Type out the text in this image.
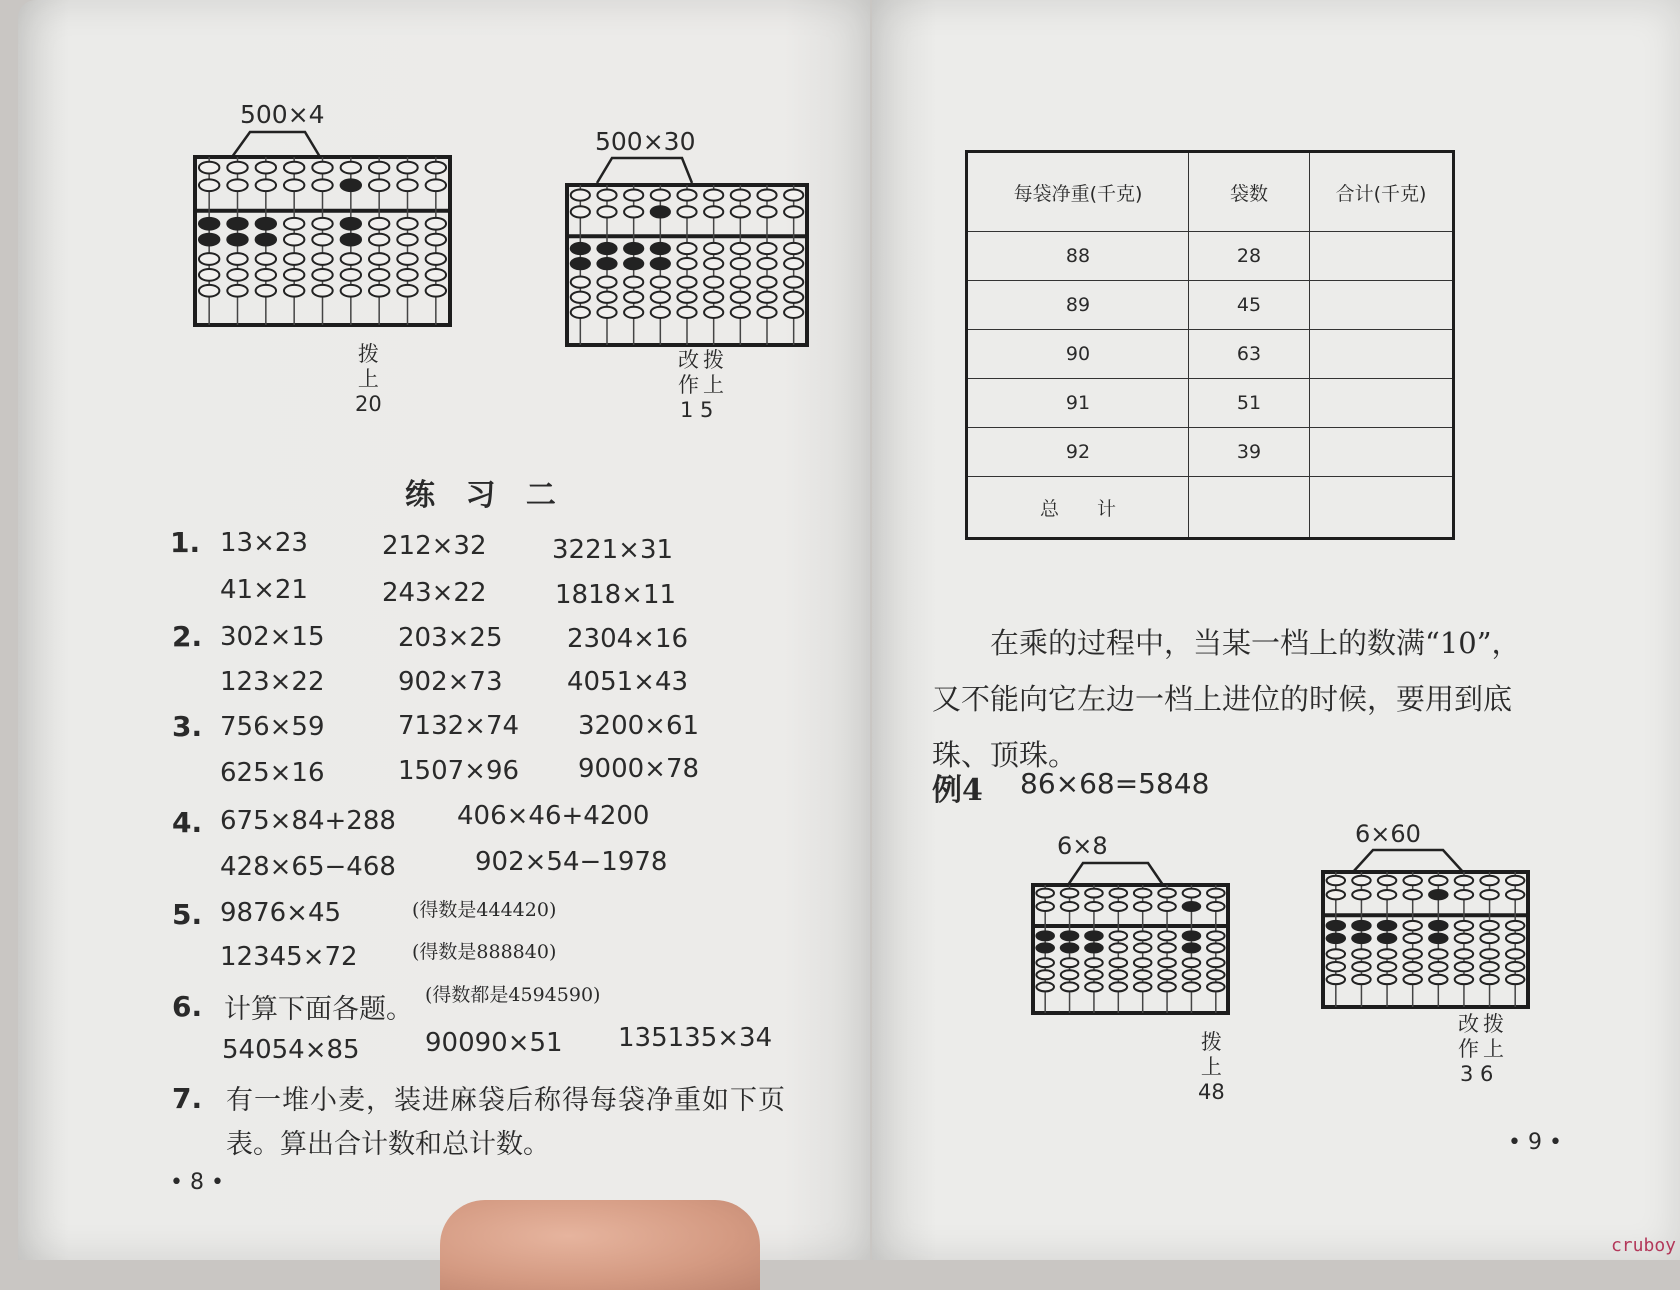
500×4
拨
上
20
500×30
改
作
拨
上
1 5
练 习 二
1. 13×23	212×32	3221×31
41×21	243×22	1818×11
2. 302×15	203×25 2304×16
123×22	902×73 4051×43
3. 756×59	7132×74 3200×61
625×16	1507×96 9000×78
4. 675×84+288 406×46+4200
428×65−468	902×54−1978
5. 9876×45	(得数是444420)
12345×72	(得数是888840)
6. 计算下面各题。 (得数都是4594590)
54054×85	90090×51 135135×34
7. 有一堆小麦，装进麻袋后称得每袋净重如下页
表。算出合计数和总计数。
• 8 •
每袋净重(千克)	袋数	合计(千克)
88	28	
89	45	
90	63	
91	51	
92	39	
总　　计		
在乘的过程中，当某一档上的数满“10”，
又不能向它左边一档上进位的时候，要用到底
珠、顶珠。
例4 86×68=5848
6×8
拨
上
48
6×60
改
作
拨
上
3 6
• 9 •
cruboy
